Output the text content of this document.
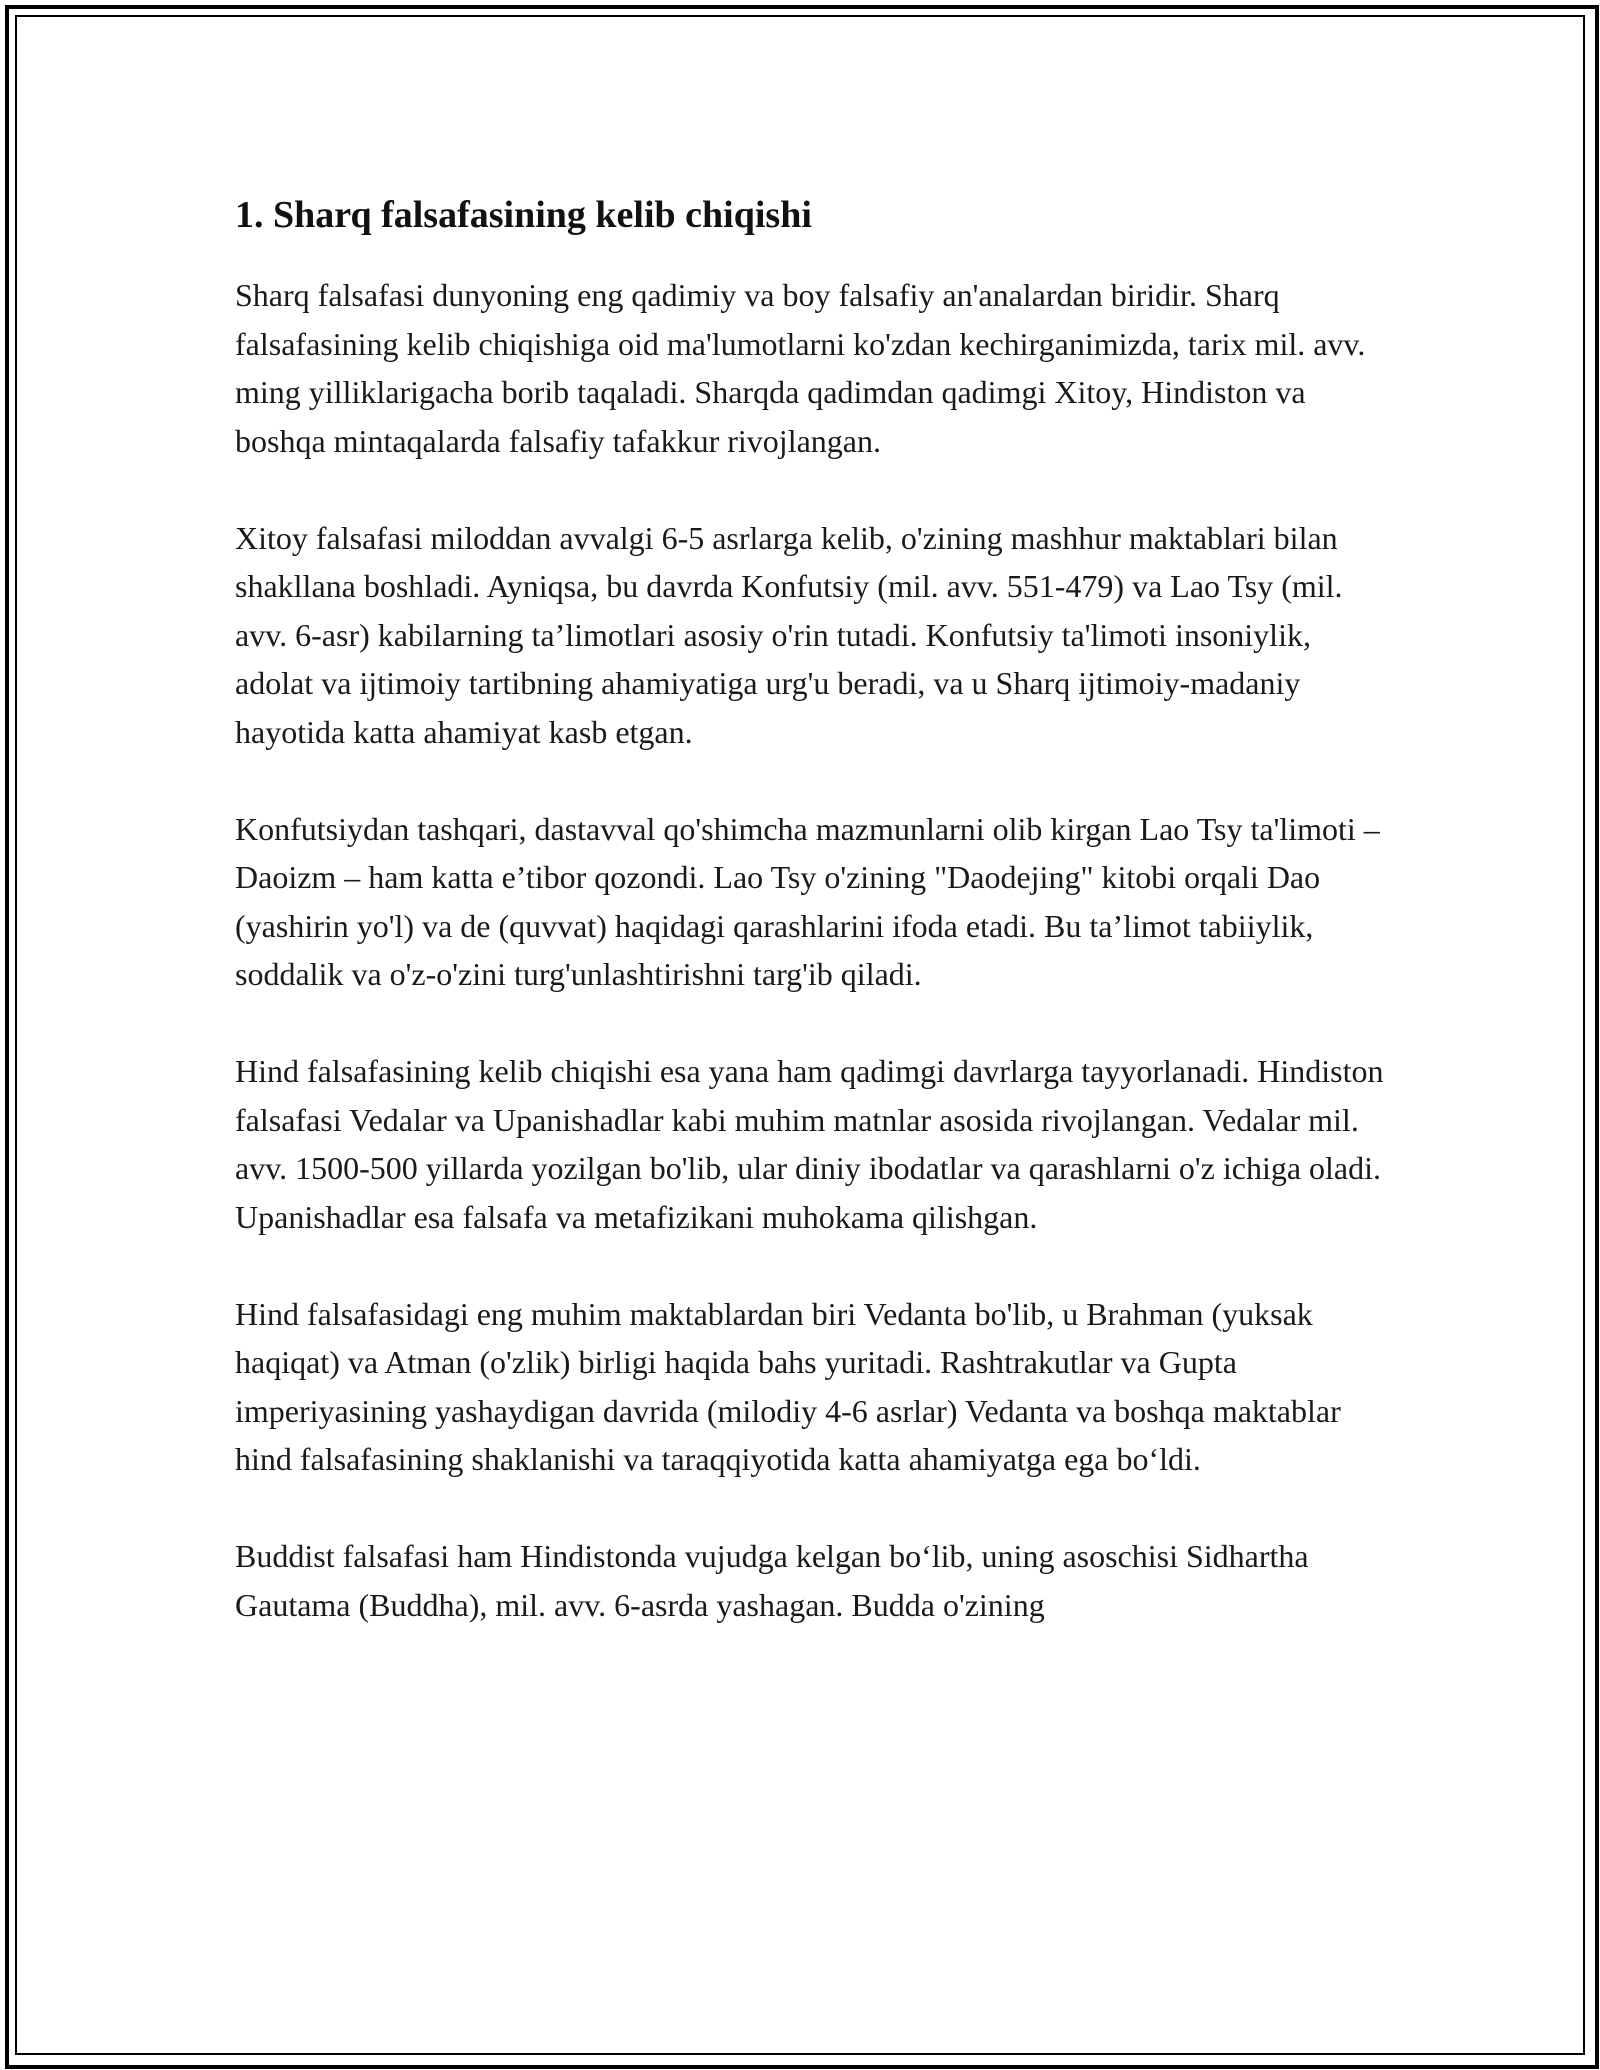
1. Sharq falsafasining kelib chiqishi

Sharq falsafasi dunyoning eng qadimiy va boy falsafiy an'analardan biridir. Sharq falsafasining kelib chiqishiga oid ma'lumotlarni ko'zdan kechirganimizda, tarix mil. avv. ming yilliklarigacha borib taqaladi. Sharqda qadimdan qadimgi Xitoy, Hindiston va boshqa mintaqalarda falsafiy tafakkur rivojlangan.

Xitoy falsafasi miloddan avvalgi 6-5 asrlarga kelib, o'zining mashhur maktablari bilan shakllana boshladi. Ayniqsa, bu davrda Konfutsiy (mil. avv. 551-479) va Lao Tsy (mil. avv. 6-asr) kabilarning ta’limotlari asosiy o'rin tutadi. Konfutsiy ta'limoti insoniylik, adolat va ijtimoiy tartibning ahamiyatiga urg'u beradi, va u Sharq ijtimoiy-madaniy hayotida katta ahamiyat kasb etgan.

Konfutsiydan tashqari, dastavval qo'shimcha mazmunlarni olib kirgan Lao Tsy ta'limoti – Daoizm – ham katta e’tibor qozondi. Lao Tsy o'zining "Daodejing" kitobi orqali Dao (yashirin yo'l) va de (quvvat) haqidagi qarashlarini ifoda etadi. Bu ta’limot tabiiylik, soddalik va o'z-o'zini turg'unlashtirishni targ'ib qiladi.

Hind falsafasining kelib chiqishi esa yana ham qadimgi davrlarga tayyorlanadi. Hindiston falsafasi Vedalar va Upanishadlar kabi muhim matnlar asosida rivojlangan. Vedalar mil. avv. 1500-500 yillarda yozilgan bo'lib, ular diniy ibodatlar va qarashlarni o'z ichiga oladi. Upanishadlar esa falsafa va metafizikani muhokama qilishgan.

Hind falsafasidagi eng muhim maktablardan biri Vedanta bo'lib, u Brahman (yuksak haqiqat) va Atman (o'zlik) birligi haqida bahs yuritadi. Rashtrakutlar va Gupta imperiyasining yashaydigan davrida (milodiy 4-6 asrlar) Vedanta va boshqa maktablar hind falsafasining shaklanishi va taraqqiyotida katta ahamiyatga ega bo‘ldi.

Buddist falsafasi ham Hindistonda vujudga kelgan bo‘lib, uning asoschisi Sidhartha Gautama (Buddha), mil. avv. 6-asrda yashagan. Budda o'zining
